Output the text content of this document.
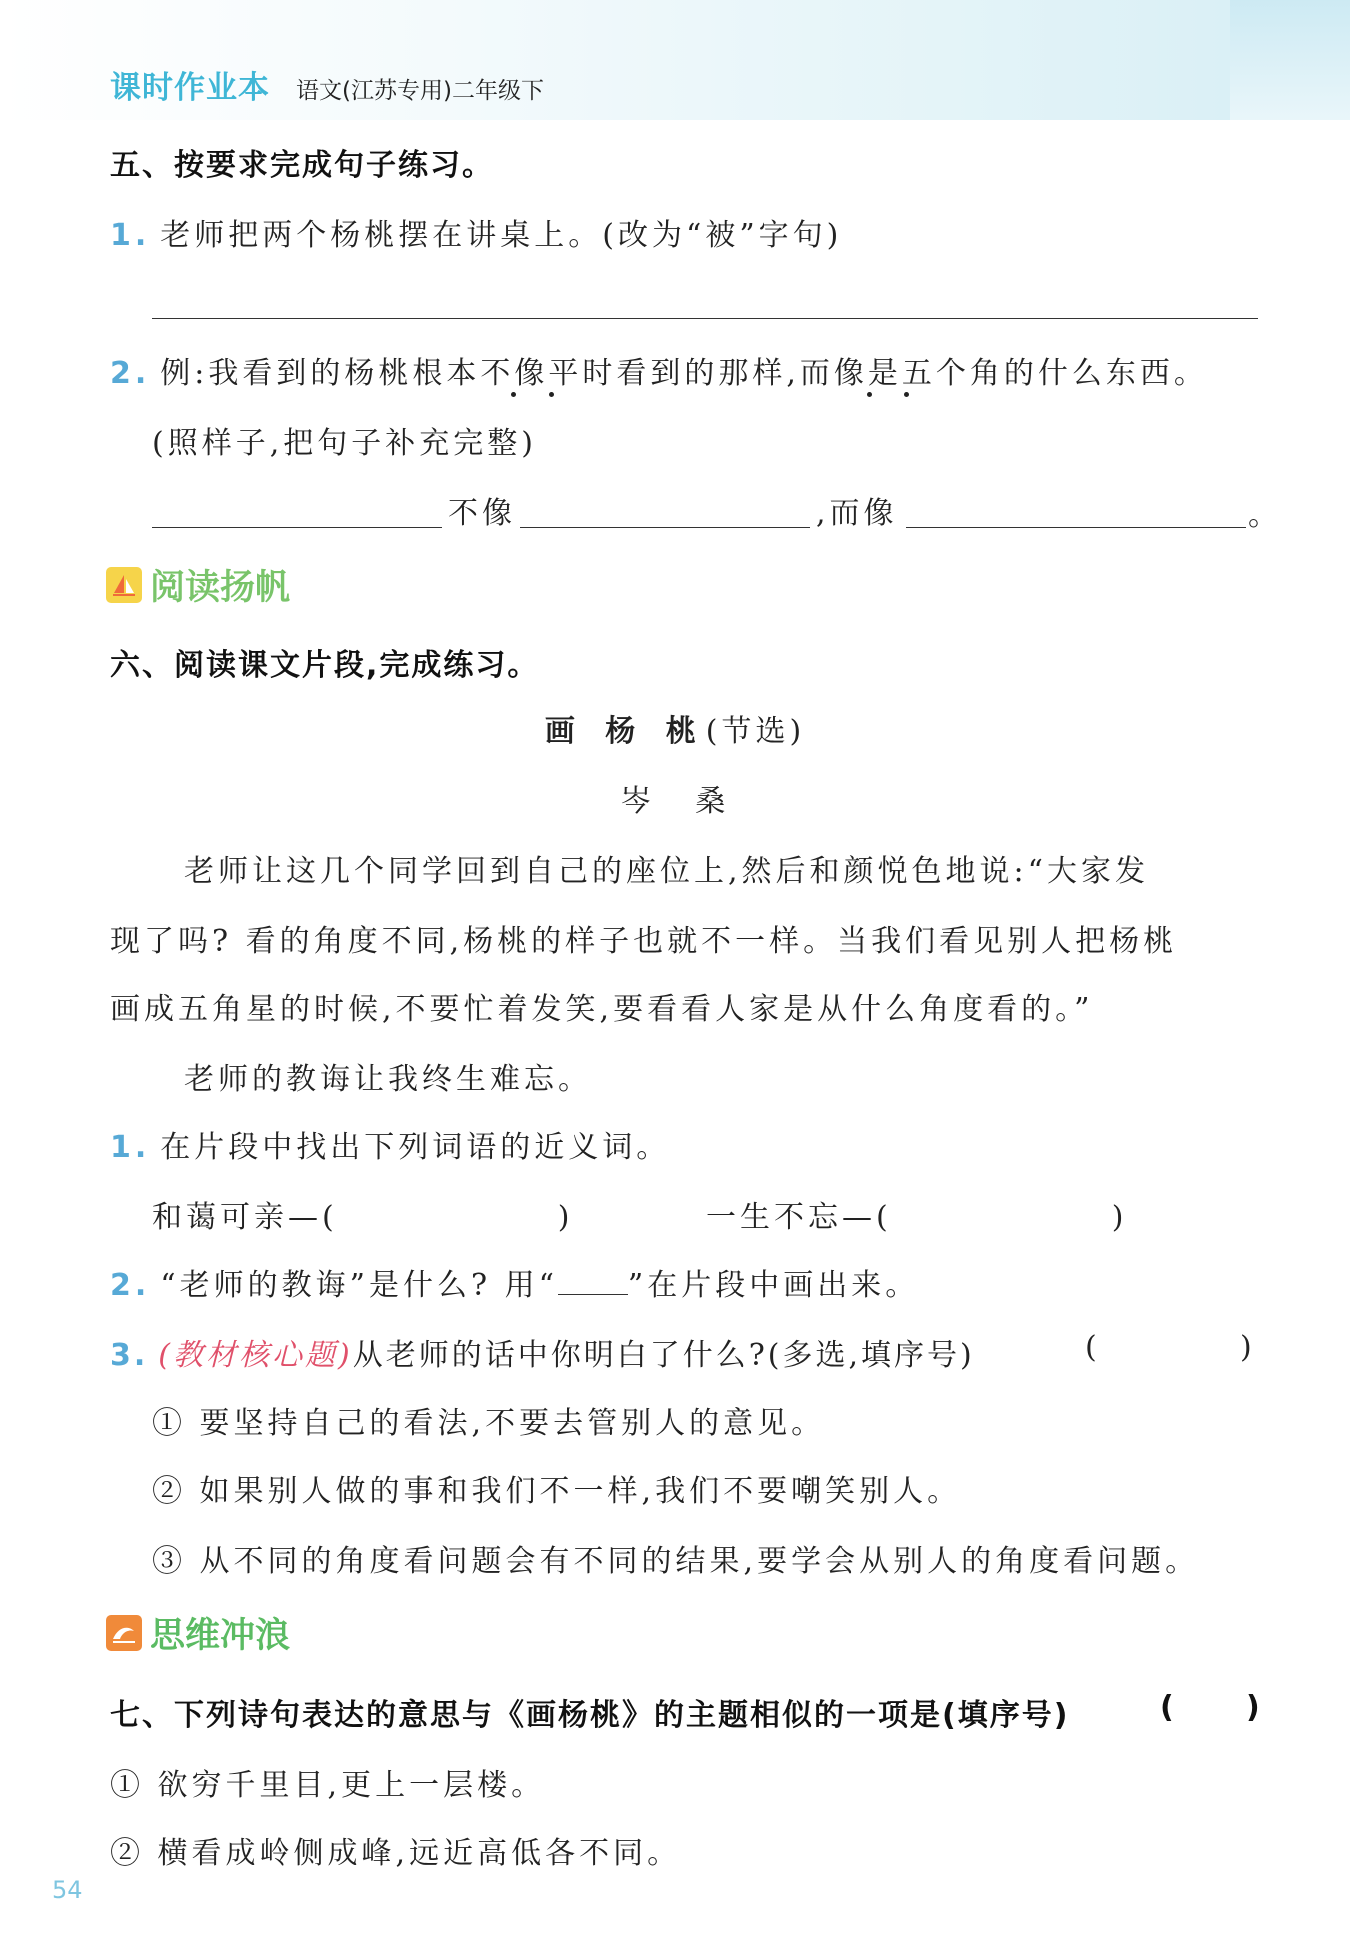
课时作业本 语文(江苏专用)二年级下
五、按要求完成句子练习。
1. 老师把两个杨桃摆在讲桌上。(改为“被”字句)
2. 例:我看到的杨桃根本不像平时看到的那样,而像是五个角的什么东西。
(照样子,把句子补充完整)
不像	,而像	。
阅读扬帆
六、阅读课文片段,完成练习。
画 杨 桃(节选)
岑   桑
老师让这几个同学回到自己的座位上,然后和颜悦色地说:“大家发
现了吗? 看的角度不同,杨桃的样子也就不一样。当我们看见别人把杨桃
画成五角星的时候,不要忙着发笑,要看看人家是从什么角度看的。”
老师的教诲让我终生难忘。
1. 在片段中找出下列词语的近义词。
和蔼可亲—(	)	一生不忘—(	)
2. “老师的教诲”是什么? 用“ ”在片段中画出来。
3. (教材核心题)从老师的话中你明白了什么?(多选,填序号)	(	)
① 要坚持自己的看法,不要去管别人的意见。
② 如果别人做的事和我们不一样,我们不要嘲笑别人。
③ 从不同的角度看问题会有不同的结果,要学会从别人的角度看问题。
思维冲浪
七、下列诗句表达的意思与《画杨桃》的主题相似的一项是(填序号)	( )
① 欲穷千里目,更上一层楼。
② 横看成岭侧成峰,远近高低各不同。
54
